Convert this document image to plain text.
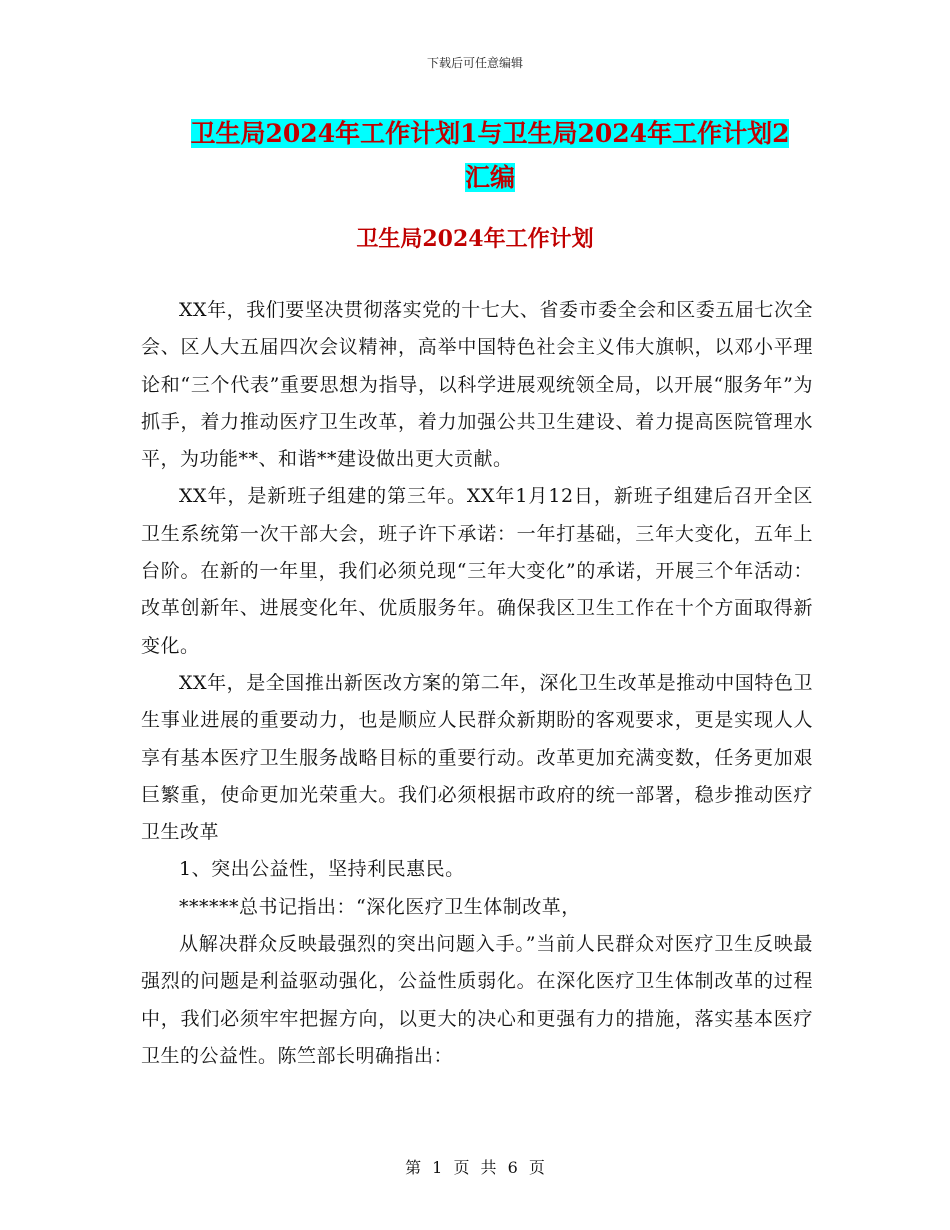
下载后可任意编辑
卫生局2024年工作计划1与卫生局2024年工作计划2
汇编
卫生局2024年工作计划

XX年，我们要坚决贯彻落实党的十七大、省委市委全会和区委五届七次全会、区人大五届四次会议精神，高举中国特色社会主义伟大旗帜，以邓小平理论和“三个代表”重要思想为指导，以科学进展观统领全局，以开展“服务年”为抓手，着力推动医疗卫生改革，着力加强公共卫生建设、着力提高医院管理水平，为功能**、和谐**建设做出更大贡献。

XX年，是新班子组建的第三年。XX年1月12日，新班子组建后召开全区卫生系统第一次干部大会，班子许下承诺：一年打基础，三年大变化，五年上台阶。在新的一年里，我们必须兑现“三年大变化”的承诺，开展三个年活动：改革创新年、进展变化年、优质服务年。确保我区卫生工作在十个方面取得新变化。

XX年，是全国推出新医改方案的第二年，深化卫生改革是推动中国特色卫生事业进展的重要动力，也是顺应人民群众新期盼的客观要求，更是实现人人享有基本医疗卫生服务战略目标的重要行动。改革更加充满变数，任务更加艰巨繁重，使命更加光荣重大。我们必须根据市政府的统一部署，稳步推动医疗卫生改革

1、突出公益性，坚持利民惠民。

******总书记指出：“深化医疗卫生体制改革，

从解决群众反映最强烈的突出问题入手。”当前人民群众对医疗卫生反映最强烈的问题是利益驱动强化，公益性质弱化。在深化医疗卫生体制改革的过程中，我们必须牢牢把握方向，以更大的决心和更强有力的措施，落实基本医疗卫生的公益性。陈竺部长明确指出：

第 1 页 共 6 页
